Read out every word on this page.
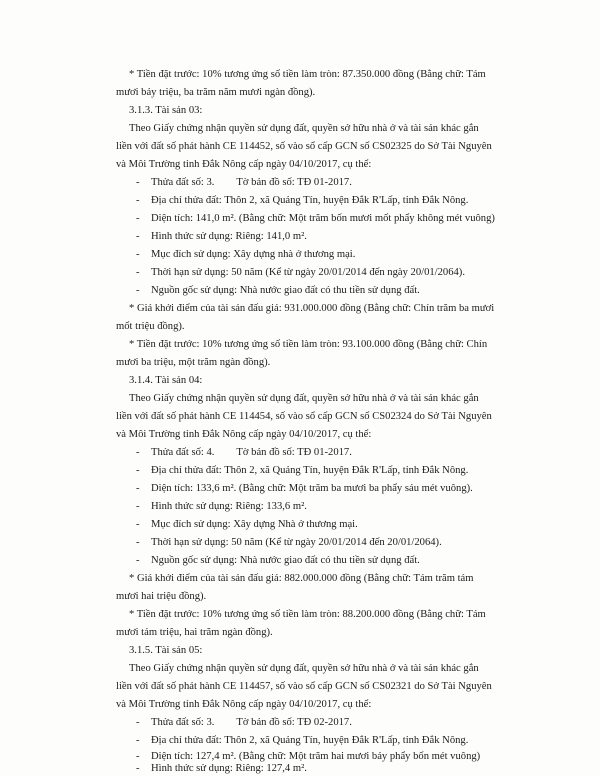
* Tiền đặt trước: 10% tương ứng số tiền làm tròn: 87.350.000 đồng (Bằng chữ: Tám
mươi bảy triệu, ba trăm năm mươi ngàn đồng).
3.1.3. Tài sản 03:
Theo Giấy chứng nhận quyền sử dụng đất, quyền sở hữu nhà ở và tài sản khác gắn
liền với đất số phát hành CE 114452, số vào sổ cấp GCN số CS02325 do Sở Tài Nguyên
và Môi Trường tỉnh Đắk Nông cấp ngày 04/10/2017, cụ thể:
- Thửa đất số: 3. Tờ bản đồ số: TĐ 01-2017.
- Địa chỉ thửa đất: Thôn 2, xã Quảng Tín, huyện Đắk R'Lấp, tỉnh Đắk Nông.
- Diện tích: 141,0 m². (Bằng chữ: Một trăm bốn mươi mốt phẩy không mét vuông)
- Hình thức sử dụng: Riêng: 141,0 m².
- Mục đích sử dụng: Xây dựng nhà ở thương mại.
- Thời hạn sử dụng: 50 năm (Kể từ ngày 20/01/2014 đến ngày 20/01/2064).
- Nguồn gốc sử dụng: Nhà nước giao đất có thu tiền sử dụng đất.
* Giá khởi điểm của tài sản đấu giá: 931.000.000 đồng (Bằng chữ: Chín trăm ba mươi
mốt triệu đồng).
* Tiền đặt trước: 10% tương ứng số tiền làm tròn: 93.100.000 đồng (Bằng chữ: Chín
mươi ba triệu, một trăm ngàn đồng).
3.1.4. Tài sản 04:
Theo Giấy chứng nhận quyền sử dụng đất, quyền sở hữu nhà ở và tài sản khác gắn
liền với đất số phát hành CE 114454, số vào sổ cấp GCN số CS02324 do Sở Tài Nguyên
và Môi Trường tỉnh Đắk Nông cấp ngày 04/10/2017, cụ thể:
- Thửa đất số: 4. Tờ bản đồ số: TĐ 01-2017.
- Địa chỉ thửa đất: Thôn 2, xã Quảng Tín, huyện Đắk R'Lấp, tỉnh Đắk Nông.
- Diện tích: 133,6 m². (Bằng chữ: Một trăm ba mươi ba phẩy sáu mét vuông).
- Hình thức sử dụng: Riêng: 133,6 m².
- Mục đích sử dụng: Xây dựng Nhà ở thương mại.
- Thời hạn sử dụng: 50 năm (Kể từ ngày 20/01/2014 đến 20/01/2064).
- Nguồn gốc sử dụng: Nhà nước giao đất có thu tiền sử dụng đất.
* Giá khởi điểm của tài sản đấu giá: 882.000.000 đồng (Bằng chữ: Tám trăm tám
mươi hai triệu đồng).
* Tiền đặt trước: 10% tương ứng số tiền làm tròn: 88.200.000 đồng (Bằng chữ: Tám
mươi tám triệu, hai trăm ngàn đồng).
3.1.5. Tài sản 05:
Theo Giấy chứng nhận quyền sử dụng đất, quyền sở hữu nhà ở và tài sản khác gắn
liền với đất số phát hành CE 114457, số vào sổ cấp GCN số CS02321 do Sở Tài Nguyên
và Môi Trường tỉnh Đắk Nông cấp ngày 04/10/2017, cụ thể:
- Thửa đất số: 3. Tờ bản đồ số: TĐ 02-2017.
- Địa chỉ thửa đất: Thôn 2, xã Quảng Tín, huyện Đắk R'Lấp, tỉnh Đắk Nông.
- Diện tích: 127,4 m². (Bằng chữ: Một trăm hai mươi bảy phẩy bốn mét vuông)
- Hình thức sử dụng: Riêng: 127,4 m².
